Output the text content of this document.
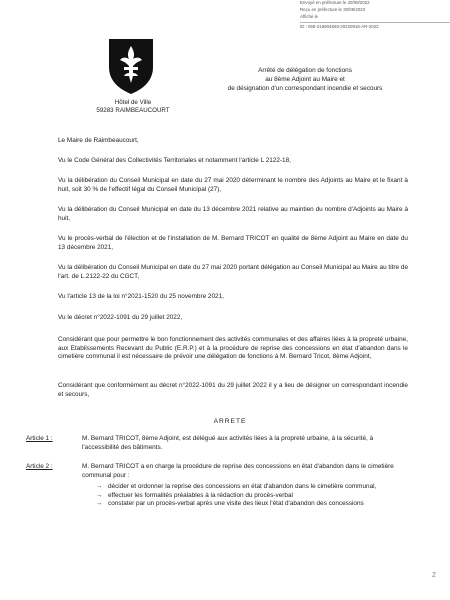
Envoyé en préfecture le 20/09/2022
Reçu en préfecture le 20/09/2022
Affiché le
ID : 059-215904849-20220916-AR-2022
Hôtel de Ville
59283 RAIMBEAUCOURT
Arrêté de délégation de fonctions
au 8ème Adjoint au Maire et
de désignation d'un correspondant incendie et secours
Le Maire de Raimbeaucourt,
Vu le Code Général des Collectivités Territoriales et notamment l'article L 2122-18,
Vu la délibération du Conseil Municipal en date du 27 mai 2020 déterminant le nombre des Adjoints au Maire et le fixant à huit, soit 30 % de l'effectif légal du Conseil Municipal (27),
Vu la délibération du Conseil Municipal en date du 13 décembre 2021 relative au maintien du nombre d'Adjoints au Maire à huit,
Vu le procès-verbal de l'élection et de l'installation de M. Bernard TRICOT en qualité de 8ème Adjoint au Maire en date du 13 décembre 2021,
Vu la délibération du Conseil Municipal en date du 27 mai 2020 portant délégation au Conseil Municipal au Maire au titre de l'art. de L.2122-22 du CGCT,
Vu l'article 13 de la loi n°2021-1520 du 25 novembre 2021,
Vu le décret n°2022-1091 du 29 juillet 2022,
Considérant que pour permettre le bon fonctionnement des activités communales et des affaires liées à la propreté urbaine, aux Etablissements Recevant du Public (E.R.P.) et à la procédure de reprise des concessions en état d'abandon dans le cimetière communal il est nécessaire de prévoir une délégation de fonctions à M. Bernard Tricot, 8ème Adjoint,
Considérant que conformément au décret n°2022-1091 du 29 juillet 2022 il y a lieu de désigner un correspondant incendie et secours,
ARRETE
Article 1 :	M. Bernard TRICOT, 8ème Adjoint, est délégué aux activités liées à la propreté urbaine, à la sécurité, à l'accessibilité des bâtiments.
Article 2 :	M. Bernard TRICOT a en charge la procédure de reprise des concessions en état d'abandon dans le cimetière communal pour :
→ décider et ordonner la reprise des concessions en état d'abandon dans le cimetière communal,
→ effectuer les formalités préalables à la rédaction du procès-verbal
→ constater par un procès-verbal après une visite des lieux l'état d'abandon des concessions
2
